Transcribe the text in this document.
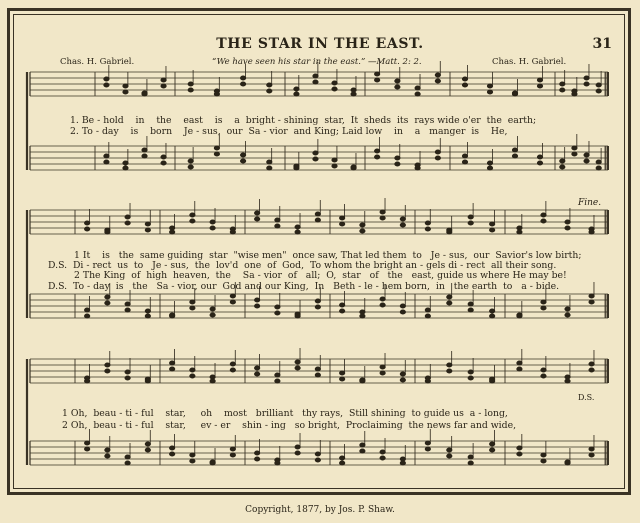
THE STAR IN THE EAST.	31
Chas. H. Gabriel.	“We have seen his star in the east.” —Matt. 2: 2.	Chas. H. Gabriel.
1. Be - hold    in    the    east    is    a  bright - shining  star,  It  sheds  its  rays wide o'er  the  earth;
2. To - day    is    born    Je - sus,  our  Sa - vior  and King; Laid low    in    a   manger  is    He,
Fine.
1 It    is   the  same guiding  star  "wise men"  once saw, That led them  to   Je - sus,  our  Savior's low birth;
D.S.  Di - rect  us  to   Je - sus,  the  lov'd  one  of  God,  To whom the bright an - gels di - rect  all their song.
2 The King  of  high  heaven,  the    Sa - vior  of   all;  O,  star   of   the   east, guide us where He may be!
D.S.  To - day  is   the   Sa - vior, our  God and our King,  In   Beth - le - hem born,  in   the earth  to   a - bide.
1 Oh,  beau - ti - ful    star,     oh    most   brilliant   thy rays,  Still shining  to guide us  a - long,
2 Oh,  beau - ti - ful    star,     ev - er    shin - ing   so bright,  Proclaiming  the news far and wide,
D.S.
Copyright, 1877, by Jos. P. Shaw.
